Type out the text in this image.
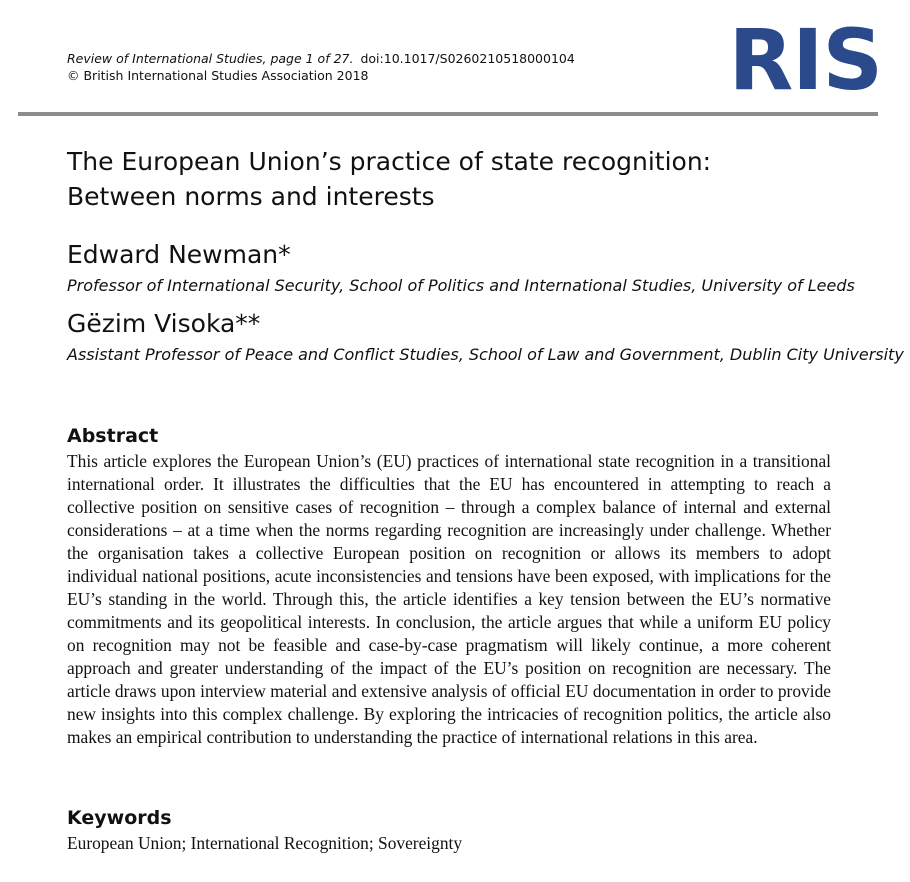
Review of International Studies, page 1 of 27. doi:10.1017/S0260210518000104
© British International Studies Association 2018	RIS
The European Union’s practice of state recognition:
Between norms and interests
Edward Newman*
Professor of International Security, School of Politics and International Studies, University of Leeds
Gëzim Visoka**
Assistant Professor of Peace and Conflict Studies, School of Law and Government, Dublin City University
Abstract
This article explores the European Union’s (EU) practices of international state recognition in a transitional international order. It illustrates the difficulties that the EU has encountered in attempting to reach a collective position on sensitive cases of recognition – through a complex balance of internal and external considerations – at a time when the norms regarding recognition are increasingly under challenge. Whether the organisation takes a collective European position on recognition or allows its members to adopt individual national positions, acute inconsistencies and tensions have been exposed, with implications for the EU’s standing in the world. Through this, the article identifies a key tension between the EU’s normative commitments and its geopolitical interests. In conclusion, the article argues that while a uniform EU policy on recognition may not be feasible and case-by-case pragmatism will likely continue, a more coherent approach and greater understanding of the impact of the EU’s position on recognition are necessary. The article draws upon interview material and extensive analysis of official EU documentation in order to provide new insights into this complex challenge. By exploring the intricacies of recognition politics, the article also makes an empirical contribution to understanding the practice of international relations in this area.
Keywords
European Union; International Recognition; Sovereignty
